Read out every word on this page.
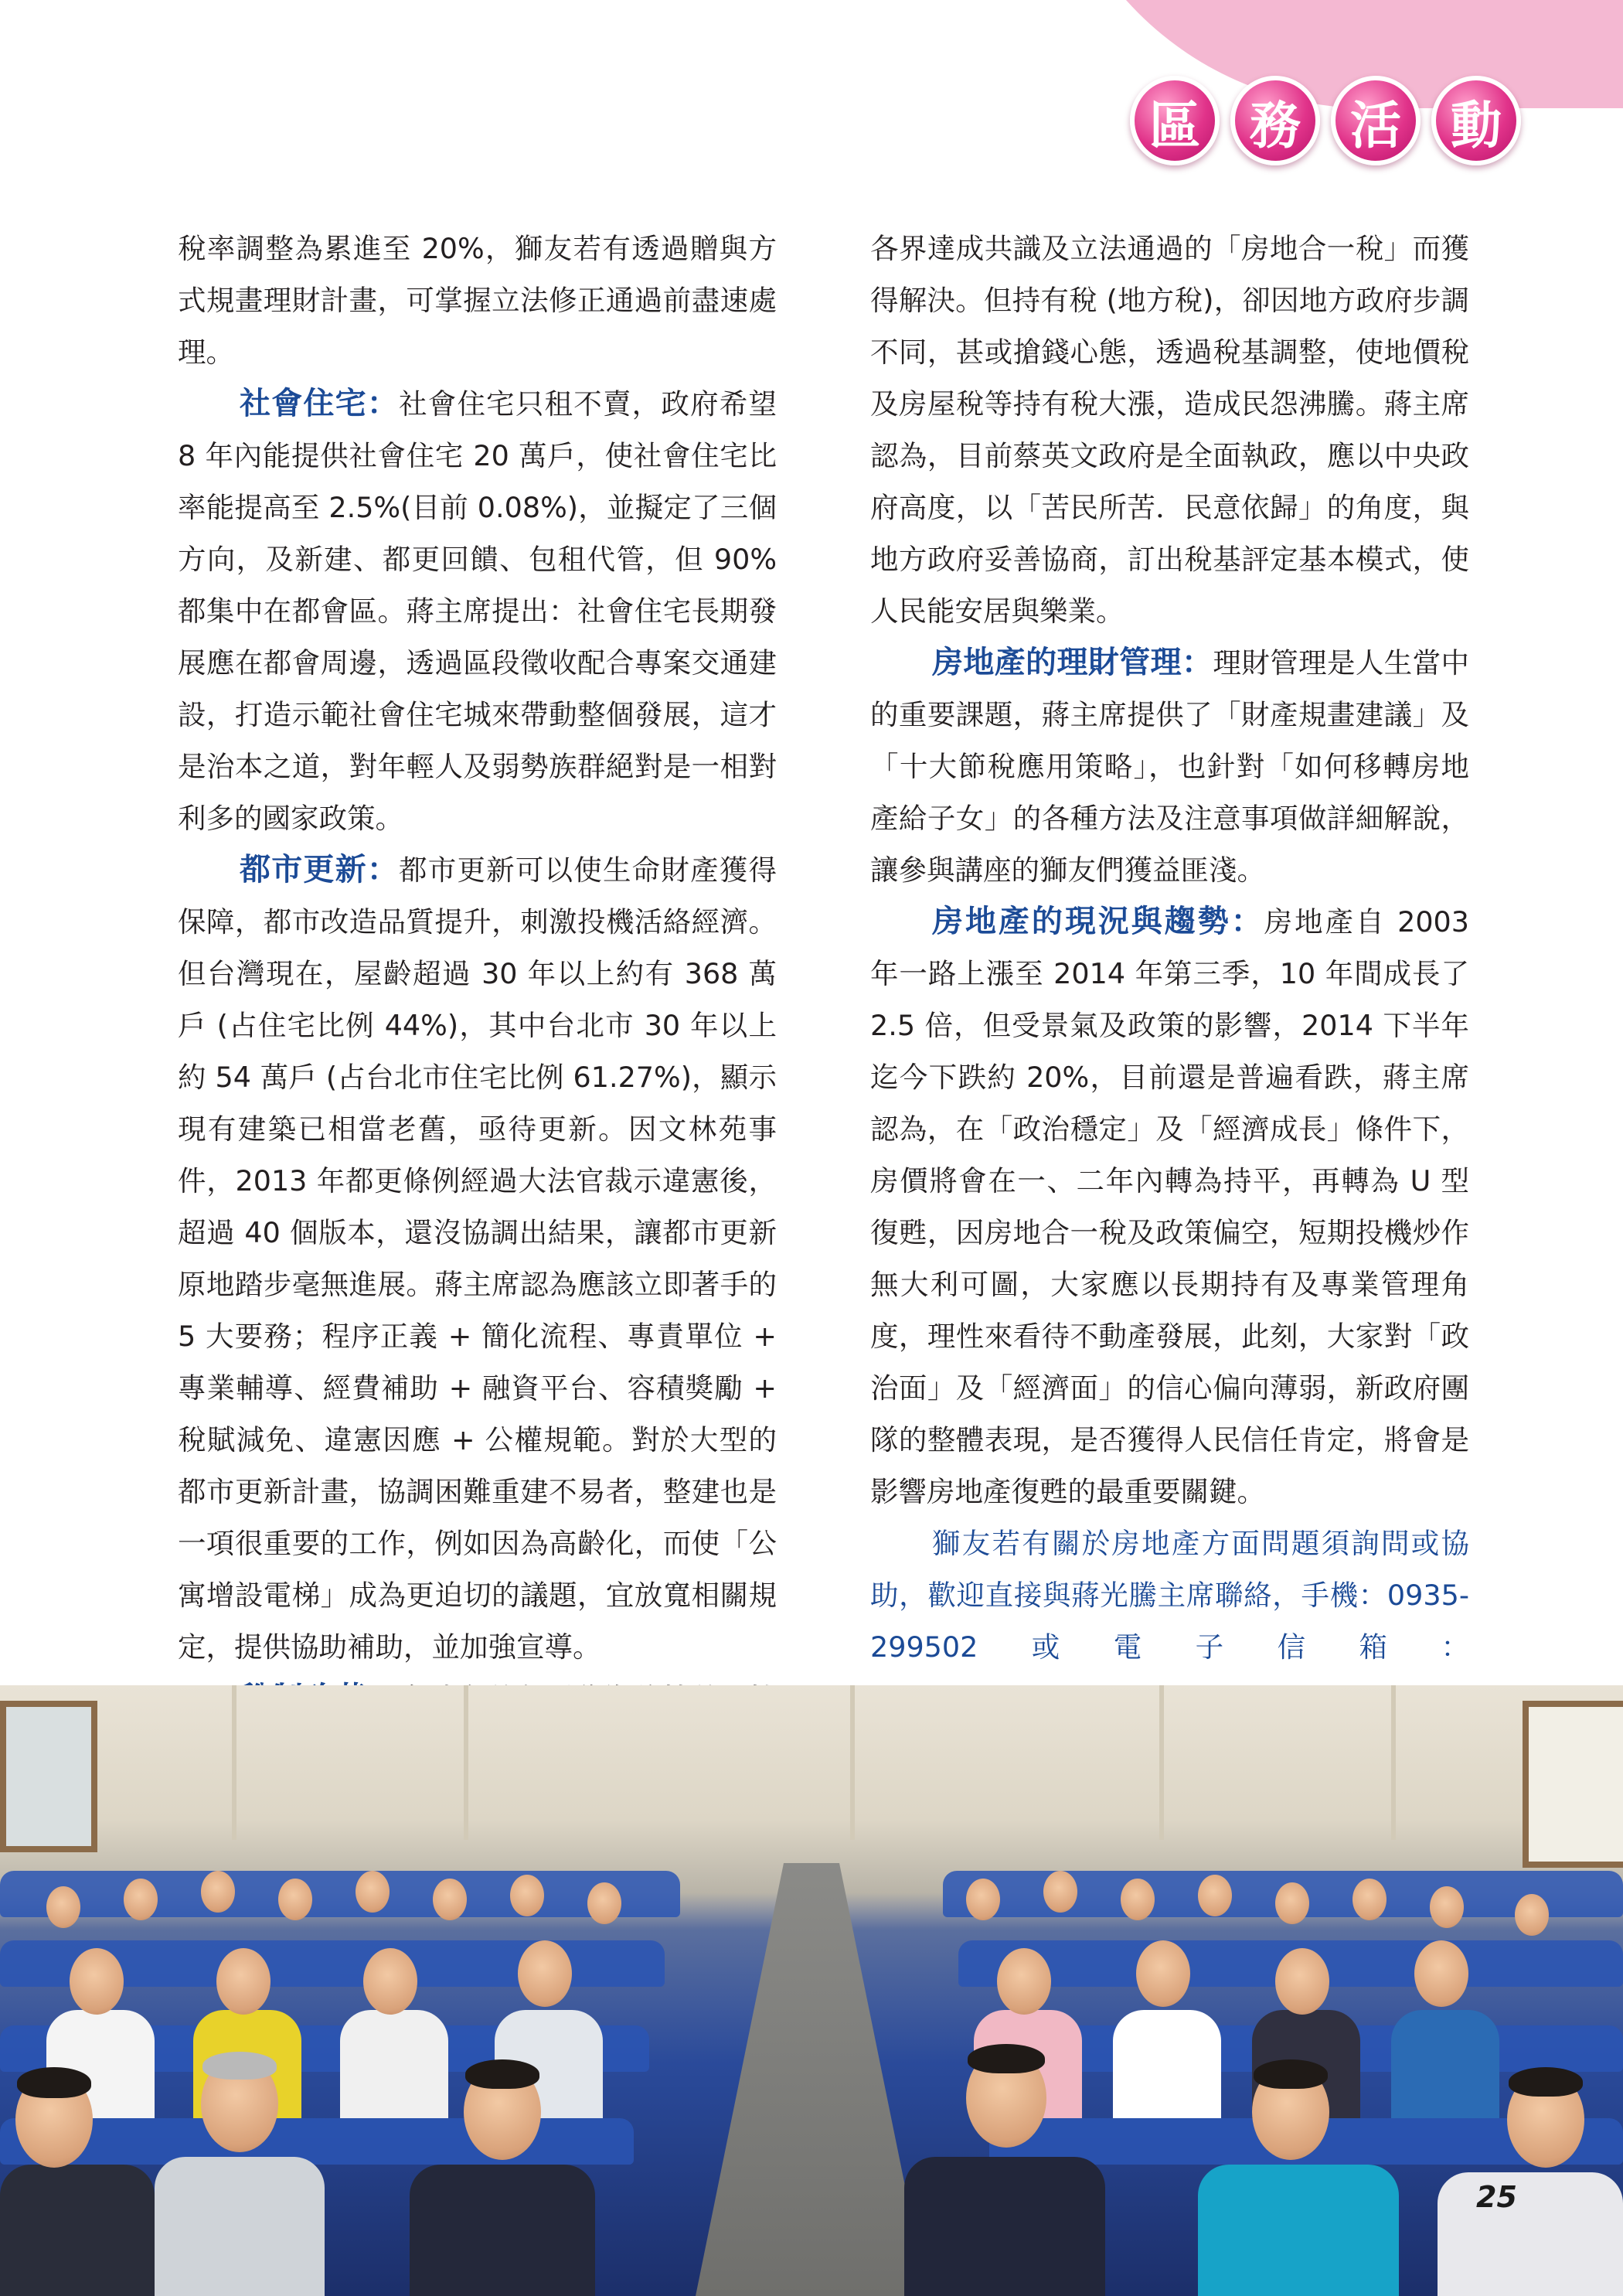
區 務 活 動

稅率調整為累進至 20%，獅友若有透過贈與方式規畫理財計畫，可掌握立法修正通過前盡速處理。

社會住宅：社會住宅只租不賣，政府希望 8 年內能提供社會住宅 20 萬戶，使社會住宅比率能提高至 2.5%(目前 0.08%)，並擬定了三個方向，及新建、都更回饋、包租代管，但 90%都集中在都會區。蔣主席提出：社會住宅長期發展應在都會周邊，透過區段徵收配合專案交通建設，打造示範社會住宅城來帶動整個發展，這才是治本之道，對年輕人及弱勢族群絕對是一相對利多的國家政策。

都市更新：都市更新可以使生命財產獲得保障，都市改造品質提升，刺激投機活絡經濟。但台灣現在，屋齡超過 30 年以上約有 368 萬戶 (占住宅比例 44%)，其中台北市 30 年以上約 54 萬戶 (占台北市住宅比例 61.27%)，顯示現有建築已相當老舊，亟待更新。因文林苑事件，2013 年都更條例經過大法官裁示違憲後，超過 40 個版本，還沒協調出結果，讓都市更新原地踏步毫無進展。蔣主席認為應該立即著手的 5 大要務；程序正義 + 簡化流程、專責單位 + 專業輔導、經費補助 + 融資平台、容積獎勵 + 稅賦減免、違憲因應 + 公權規範。對於大型的都市更新計畫，協調困難重建不易者，整建也是一項很重要的工作，例如因為高齡化，而使「公寓增設電梯」成為更迫切的議題，宜放寬相關規定，提供協助補助，並加強宣導。

各界達成共識及立法通過的「房地合一稅」而獲得解決。但持有稅 (地方稅)，卻因地方政府步調不同，甚或搶錢心態，透過稅基調整，使地價稅及房屋稅等持有稅大漲，造成民怨沸騰。蔣主席認為，目前蔡英文政府是全面執政，應以中央政府高度，以「苦民所苦．民意依歸」的角度，與地方政府妥善協商，訂出稅基評定基本模式，使人民能安居與樂業。

房地產的理財管理：理財管理是人生當中的重要課題，蔣主席提供了「財產規畫建議」及「十大節稅應用策略」，也針對「如何移轉房地產給子女」的各種方法及注意事項做詳細解說，讓參與講座的獅友們獲益匪淺。

房地產的現況與趨勢：房地產自 2003 年一路上漲至 2014 年第三季，10 年間成長了 2.5 倍，但受景氣及政策的影響，2014 下半年迄今下跌約 20%，目前還是普遍看跌，蔣主席認為，在「政治穩定」及「經濟成長」條件下，房價將會在一、二年內轉為持平，再轉為 U 型復甦，因房地合一稅及政策偏空，短期投機炒作無大利可圖，大家應以長期持有及專業管理角度，理性來看待不動產發展，此刻，大家對「政治面」及「經濟面」的信心偏向薄弱，新政府團隊的整體表現，是否獲得人民信任肯定，將會是影響房地產復甦的最重要關鍵。

獅友若有關於房地產方面問題須詢問或協助，歡迎直接與蔣光騰主席聯絡，手機：0935-299502或電子信箱：

25
